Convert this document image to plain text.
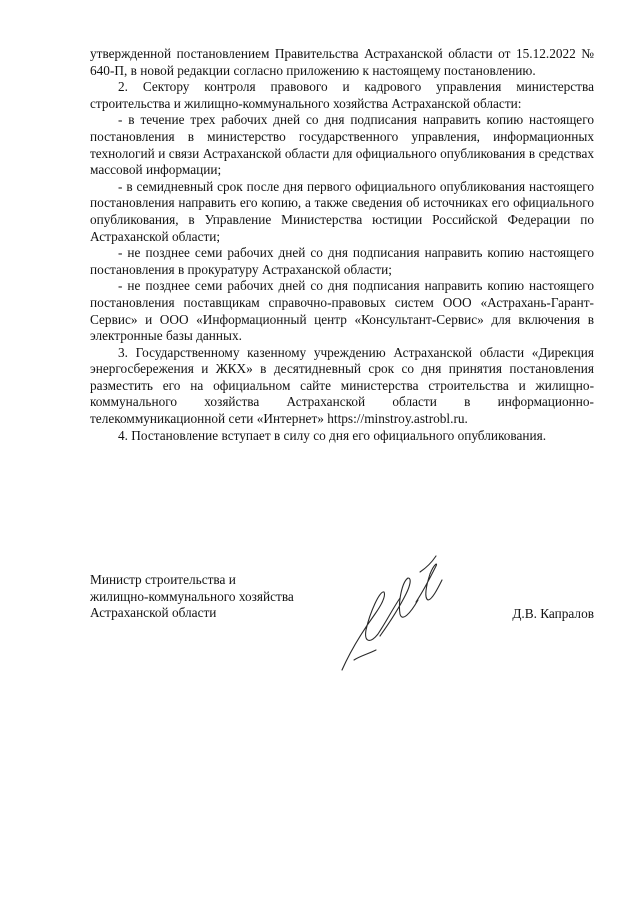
утвержденной постановлением Правительства Астраханской области от 15.12.2022 № 640-П, в новой редакции согласно приложению к настоящему постановлению.

2. Сектору контроля правового и кадрового управления министерства строительства и жилищно-коммунального хозяйства Астраханской области:

- в течение трех рабочих дней со дня подписания направить копию настоящего постановления в министерство государственного управления, информационных технологий и связи Астраханской области для официального опубликования в средствах массовой информации;

- в семидневный срок после дня первого официального опубликования настоящего постановления направить его копию, а также сведения об источниках его официального опубликования, в Управление Министерства юстиции Российской Федерации по Астраханской области;

- не позднее семи рабочих дней со дня подписания направить копию настоящего постановления в прокуратуру Астраханской области;

- не позднее семи рабочих дней со дня подписания направить копию настоящего постановления поставщикам справочно-правовых систем ООО «Астрахань-Гарант-Сервис» и ООО «Информационный центр «Консультант-Сервис» для включения в электронные базы данных.

3. Государственному казенному учреждению Астраханской области «Дирекция энергосбережения и ЖКХ» в десятидневный срок со дня принятия постановления разместить его на официальном сайте министерства строительства и жилищно-коммунального хозяйства Астраханской области в информационно-телекоммуникационной сети «Интернет» https://minstroy.astrobl.ru.

4. Постановление вступает в силу со дня его официального опубликования.

Министр строительства и
жилищно-коммунального хозяйства
Астраханской области	Д.В. Капралов
